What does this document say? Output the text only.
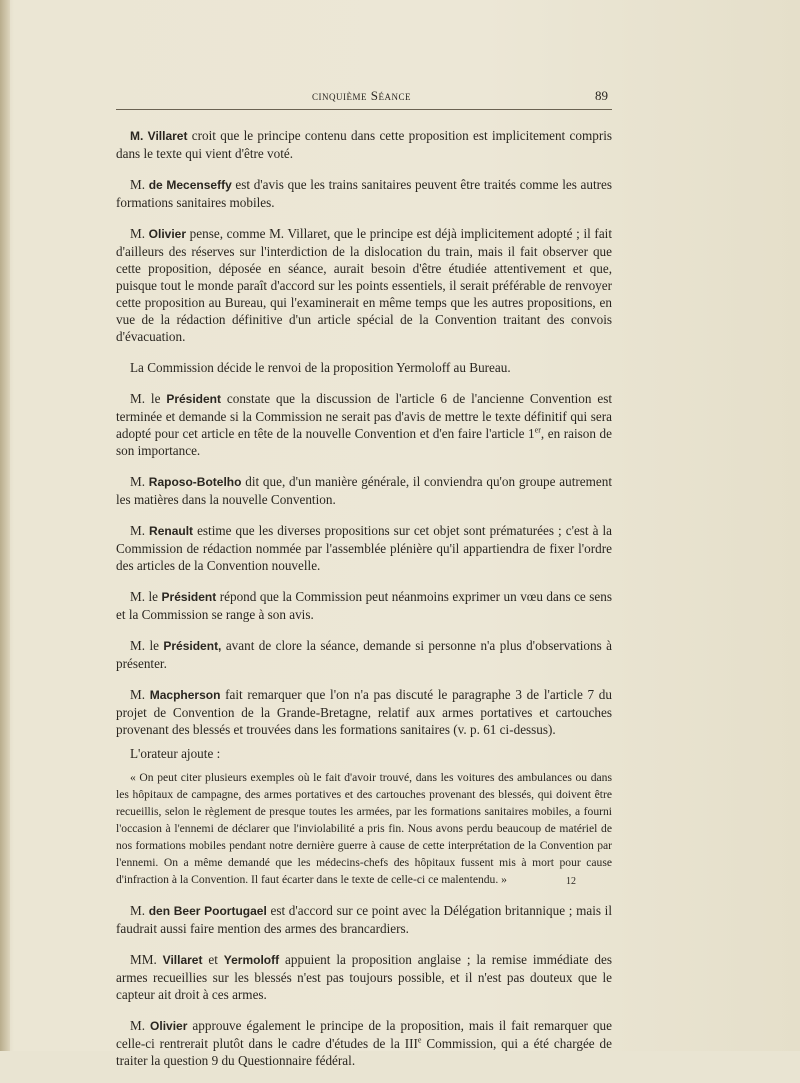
cinquième Séance	89

M. Villaret croit que le principe contenu dans cette proposition est implicitement compris dans le texte qui vient d'être voté.

M. de Mecenseffy est d'avis que les trains sanitaires peuvent être traités comme les autres formations sanitaires mobiles.

M. Olivier pense, comme M. Villaret, que le principe est déjà implicitement adopté ; il fait d'ailleurs des réserves sur l'interdiction de la dislocation du train, mais il fait observer que cette proposition, déposée en séance, aurait besoin d'être étudiée attentivement et que, puisque tout le monde paraît d'accord sur les points essentiels, il serait préférable de renvoyer cette proposition au Bureau, qui l'examinerait en même temps que les autres propositions, en vue de la rédaction définitive d'un article spécial de la Convention traitant des convois d'évacuation.

La Commission décide le renvoi de la proposition Yermoloff au Bureau.

M. le Président constate que la discussion de l'article 6 de l'ancienne Convention est terminée et demande si la Commission ne serait pas d'avis de mettre le texte définitif qui sera adopté pour cet article en tête de la nouvelle Convention et d'en faire l'article 1er, en raison de son importance.

M. Raposo-Botelho dit que, d'un manière générale, il conviendra qu'on groupe autrement les matières dans la nouvelle Convention.

M. Renault estime que les diverses propositions sur cet objet sont prématurées ; c'est à la Commission de rédaction nommée par l'assemblée plénière qu'il appartiendra de fixer l'ordre des articles de la Convention nouvelle.

M. le Président répond que la Commission peut néanmoins exprimer un vœu dans ce sens et la Commission se range à son avis.

M. le Président, avant de clore la séance, demande si personne n'a plus d'observations à présenter.

M. Macpherson fait remarquer que l'on n'a pas discuté le paragraphe 3 de l'article 7 du projet de Convention de la Grande-Bretagne, relatif aux armes portatives et cartouches provenant des blessés et trouvées dans les formations sanitaires (v. p. 61 ci-dessus).

L'orateur ajoute :

« On peut citer plusieurs exemples où le fait d'avoir trouvé, dans les voitures des ambulances ou dans les hôpitaux de campagne, des armes portatives et des cartouches provenant des blessés, qui doivent être recueillis, selon le règlement de presque toutes les armées, par les formations sanitaires mobiles, a fourni l'occasion à l'ennemi de déclarer que l'inviolabilité a pris fin. Nous avons perdu beaucoup de matériel de nos formations mobiles pendant notre dernière guerre à cause de cette interprétation de la Convention par l'ennemi. On a même demandé que les médecins-chefs des hôpitaux fussent mis à mort pour cause d'infraction à la Convention. Il faut écarter dans le texte de celle-ci ce malentendu. »

M. den Beer Poortugael est d'accord sur ce point avec la Délégation britannique ; mais il faudrait aussi faire mention des armes des brancardiers.

MM. Villaret et Yermoloff appuient la proposition anglaise ; la remise immédiate des armes recueillies sur les blessés n'est pas toujours possible, et il n'est pas douteux que le capteur ait droit à ces armes.

M. Olivier approuve également le principe de la proposition, mais il fait remarquer que celle-ci rentrerait plutôt dans le cadre d'études de la IIIe Commission, qui a été chargée de traiter la question 9 du Questionnaire fédéral.

12
